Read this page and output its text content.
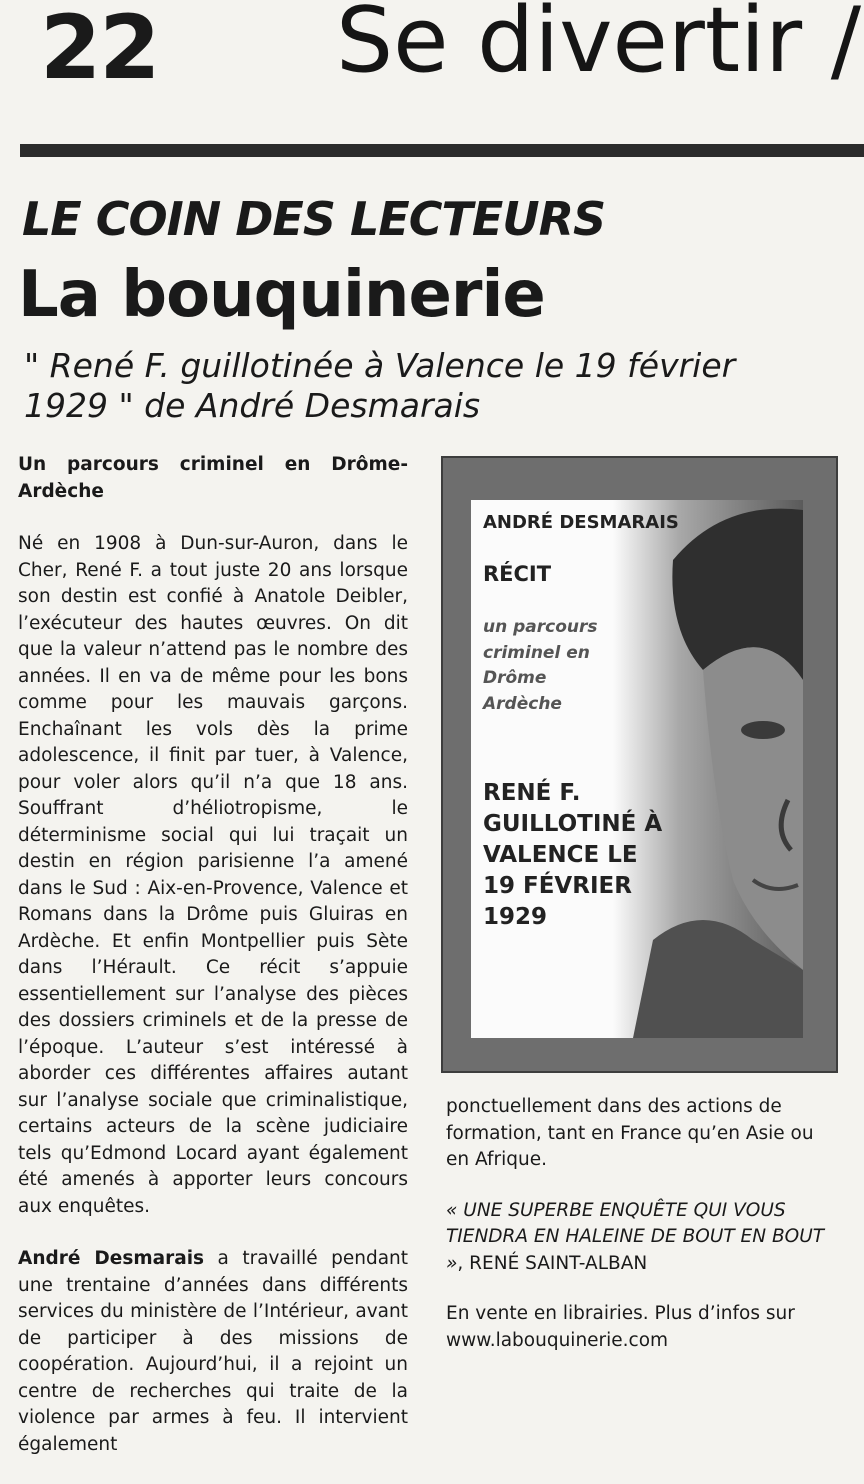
22 Se divertir /
LE COIN DES LECTEURS
La bouquinerie
" René F. guillotinée à Valence le 19 février 1929 " de André Desmarais

Un parcours criminel en Drôme-Ardèche

Né en 1908 à Dun-sur-Auron, dans le Cher, René F. a tout juste 20 ans lorsque son destin est confié à Anatole Deibler, l’exécuteur des hautes œuvres. On dit que la valeur n’attend pas le nombre des années. Il en va de même pour les bons comme pour les mauvais garçons. Enchaînant les vols dès la prime adolescence, il finit par tuer, à Valence, pour voler alors qu’il n’a que 18 ans. Souffrant d’héliotropisme, le déterminisme social qui lui traçait un destin en région parisienne l’a amené dans le Sud : Aix-en-Provence, Valence et Romans dans la Drôme puis Gluiras en Ardèche. Et enfin Montpellier puis Sète dans l’Hérault. Ce récit s’appuie essentiellement sur l’analyse des pièces des dossiers criminels et de la presse de l’époque. L’auteur s’est intéressé à aborder ces différentes affaires autant sur l’analyse sociale que criminalistique, certains acteurs de la scène judiciaire tels qu’Edmond Locard ayant également été amenés à apporter leurs concours aux enquêtes.

André Desmarais a travaillé pendant une trentaine d’années dans différents services du ministère de l’Intérieur, avant de participer à des missions de coopération. Aujourd’hui, il a rejoint un centre de recherches qui traite de la violence par armes à feu. Il intervient également

ANDRÉ DESMARAIS
RÉCIT
un parcours criminel en Drôme Ardèche
RENÉ F. GUILLOTINÉ À VALENCE LE 19 FÉVRIER 1929

ponctuellement dans des actions de formation, tant en France qu’en Asie ou en Afrique.

« UNE SUPERBE ENQUÊTE QUI VOUS TIENDRA EN HALEINE DE BOUT EN BOUT », RENÉ SAINT-ALBAN

En vente en librairies. Plus d’infos sur www.labouquinerie.com
